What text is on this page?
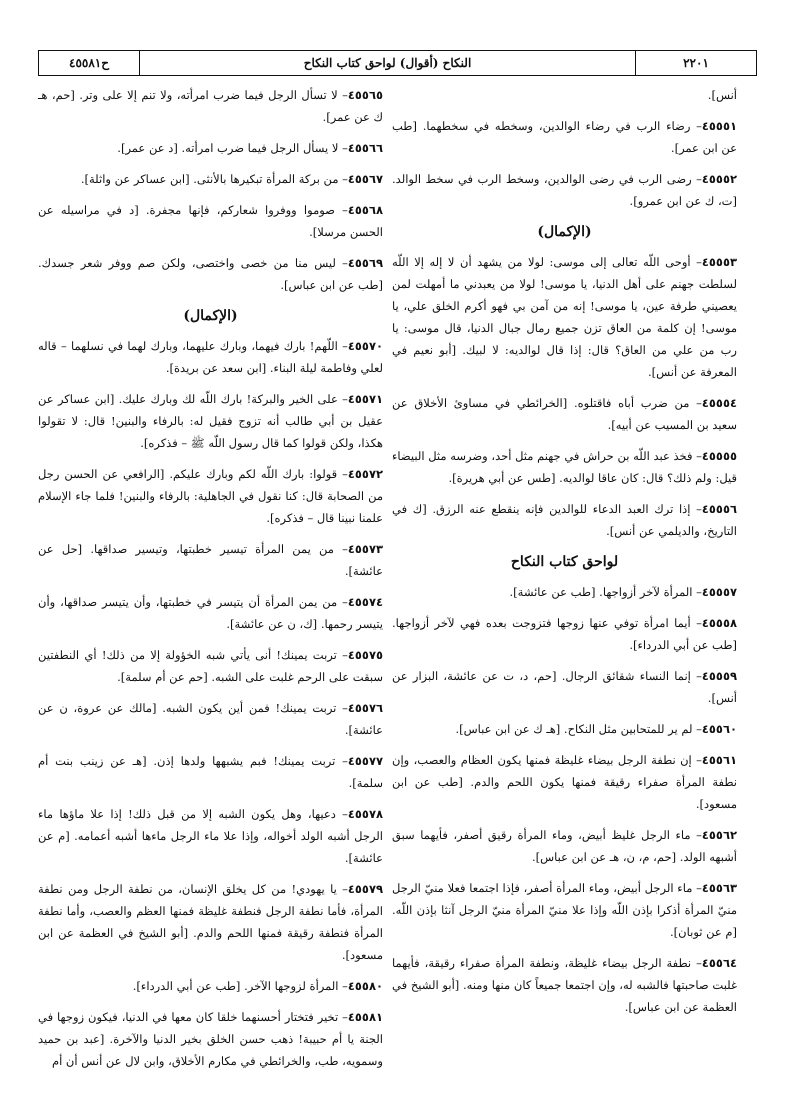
ح٤٥٥٨١	النكاح (أقوال) لواحق كتاب النكاح	٢٢٠١
أنس].
٤٥٥٥١– رضاء الرب في رضاء الوالدين، وسخطه في سخطهما. [طب عن ابن عمر].
٤٥٥٥٢– رضى الرب في رضى الوالدين، وسخط الرب في سخط الوالد. [ت، ك عن ابن عمرو].
(الإكمال)
٤٥٥٥٣– أوحى اللّه تعالى إلى موسى: لولا من يشهد أن لا إله إلا اللّه لسلطت جهنم على أهل الدنيا، يا موسى! لولا من يعبدني ما أمهلت لمن يعصيني طرفة عين، يا موسى! إنه من آمن بي فهو أكرم الخلق علي، يا موسى! إن كلمة من العاق تزن جميع رمال جبال الدنيا، قال موسى: يا رب من علي من العاق؟ قال: إذا قال لوالديه: لا لبيك. [أبو نعيم في المعرفة عن أنس].
٤٥٥٥٤– من ضرب أباه فاقتلوه. [الخرائطي في مساوئ الأخلاق عن سعيد بن المسيب عن أبيه].
٤٥٥٥٥– فخذ عبد اللّه بن حراش في جهنم مثل أحد، وضرسه مثل البيضاء قيل: ولم ذلك؟ قال: كان عاقا لوالديه. [طس عن أبي هريرة].
٤٥٥٥٦– إذا ترك العبد الدعاء للوالدين فإنه ينقطع عنه الرزق. [ك في التاريخ، والديلمي عن أنس].
لواحق كتاب النكاح
٤٥٥٥٧– المرأة لآخر أزواجها. [طب عن عائشة].
٤٥٥٥٨– أيما امرأة توفي عنها زوجها فتزوجت بعده فهي لآخر أزواجها. [طب عن أبي الدرداء].
٤٥٥٥٩– إنما النساء شقائق الرجال. [حم، د، ت عن عائشة، البزار عن أنس].
٤٥٥٦٠– لم ير للمتحابين مثل النكاح. [هـ ك عن ابن عباس].
٤٥٥٦١– إن نطفة الرجل بيضاء غليظة فمنها يكون العظام والعصب، وإن نطفة المرأة صفراء رقيقة فمنها يكون اللحم والدم. [طب عن ابن مسعود].
٤٥٥٦٢– ماء الرجل غليظ أبيض، وماء المرأة رقيق أصفر، فأيهما سبق أشبهه الولد. [حم، م، ن، هـ عن ابن عباس].
٤٥٥٦٣– ماء الرجل أبيض، وماء المرأة أصفر، فإذا اجتمعا فعلا منيّ الرجل منيّ المرأة أذكرا بإذن اللّه وإذا علا منيّ المرأة منيّ الرجل آنثا بإذن اللّه. [م عن ثوبان].
٤٥٥٦٤– نطفة الرجل بيضاء غليظة، ونطفة المرأة صفراء رقيقة، فأيهما غلبت صاحبتها فالشبه له، وإن اجتمعا جميعاً كان منها ومنه. [أبو الشيخ في العظمة عن ابن عباس].
٤٥٥٦٥– لا تسأل الرجل فيما ضرب امرأته، ولا تنم إلا على وتر. [حم، هـ ك عن عمر].
٤٥٥٦٦– لا يسأل الرجل فيما ضرب امرأته. [د عن عمر].
٤٥٥٦٧– من بركة المرأة تبكيرها بالأنثى. [ابن عساكر عن واثلة].
٤٥٥٦٨– صوموا ووفروا شعاركم، فإنها مجفرة. [د في مراسيله عن الحسن مرسلا].
٤٥٥٦٩– ليس منا من خصى واختصى، ولكن صم ووفر شعر جسدك. [طب عن ابن عباس].
(الإكمال)
٤٥٥٧٠– اللّهم! بارك فيهما، وبارك عليهما، وبارك لهما في نسلهما – قاله لعلي وفاطمة ليلة البناء. [ابن سعد عن بريدة].
٤٥٥٧١– على الخير والبركة! بارك اللّه لك وبارك عليك. [ابن عساكر عن عقيل بن أبي طالب أنه تزوج فقيل له: بالرفاء والبنين! قال: لا تقولوا هكذا، ولكن قولوا كما قال رسول اللّه ﷺ – فذكره].
٤٥٥٧٢– قولوا: بارك اللّه لكم وبارك عليكم. [الرافعي عن الحسن رجل من الصحابة قال: كنا نقول في الجاهلية: بالرفاء والبنين! فلما جاء الإسلام علمنا نبينا قال – فذكره].
٤٥٥٧٣– من يمن المرأة تيسير خطبتها، وتيسير صداقها. [حل عن عائشة].
٤٥٥٧٤– من يمن المرأة أن يتيسر في خطبتها، وأن يتيسر صداقها، وأن يتيسر رحمها. [ك، ن عن عائشة].
٤٥٥٧٥– تربت يمينك! أنى يأتي شبه الخؤولة إلا من ذلك! أي النطفتين سبقت على الرحم غلبت على الشبه. [حم عن أم سلمة].
٤٥٥٧٦– تربت يمينك! فمن أين يكون الشبه. [مالك عن عروة، ن عن عائشة].
٤٥٥٧٧– تربت يمينك! فبم يشبهها ولدها إذن. [هـ عن زينب بنت أم سلمة].
٤٥٥٧٨– دعيها، وهل يكون الشبه إلا من قبل ذلك! إذا علا ماؤها ماء الرجل أشبه الولد أخواله، وإذا علا ماء الرجل ماءها أشبه أعمامه. [م عن عائشة].
٤٥٥٧٩– يا يهودي! من كل يخلق الإنسان، من نطفة الرجل ومن نطفة المرأة، فأما نطفة الرجل فنطفة غليظة فمنها العظم والعصب، وأما نطفة المرأة فنطفة رقيقة فمنها اللحم والدم. [أبو الشيخ في العظمة عن ابن مسعود].
٤٥٥٨٠– المرأة لزوجها الآخر. [طب عن أبي الدرداء].
٤٥٥٨١– تخير فتختار أحسنهما خلقا كان معها في الدنيا، فيكون زوجها في الجنة يا أم حبيبة! ذهب حسن الخلق بخير الدنيا والآخرة. [عبد بن حميد وسمويه، طب، والخرائطي في مكارم الأخلاق، وابن لال عن أنس أن أم
